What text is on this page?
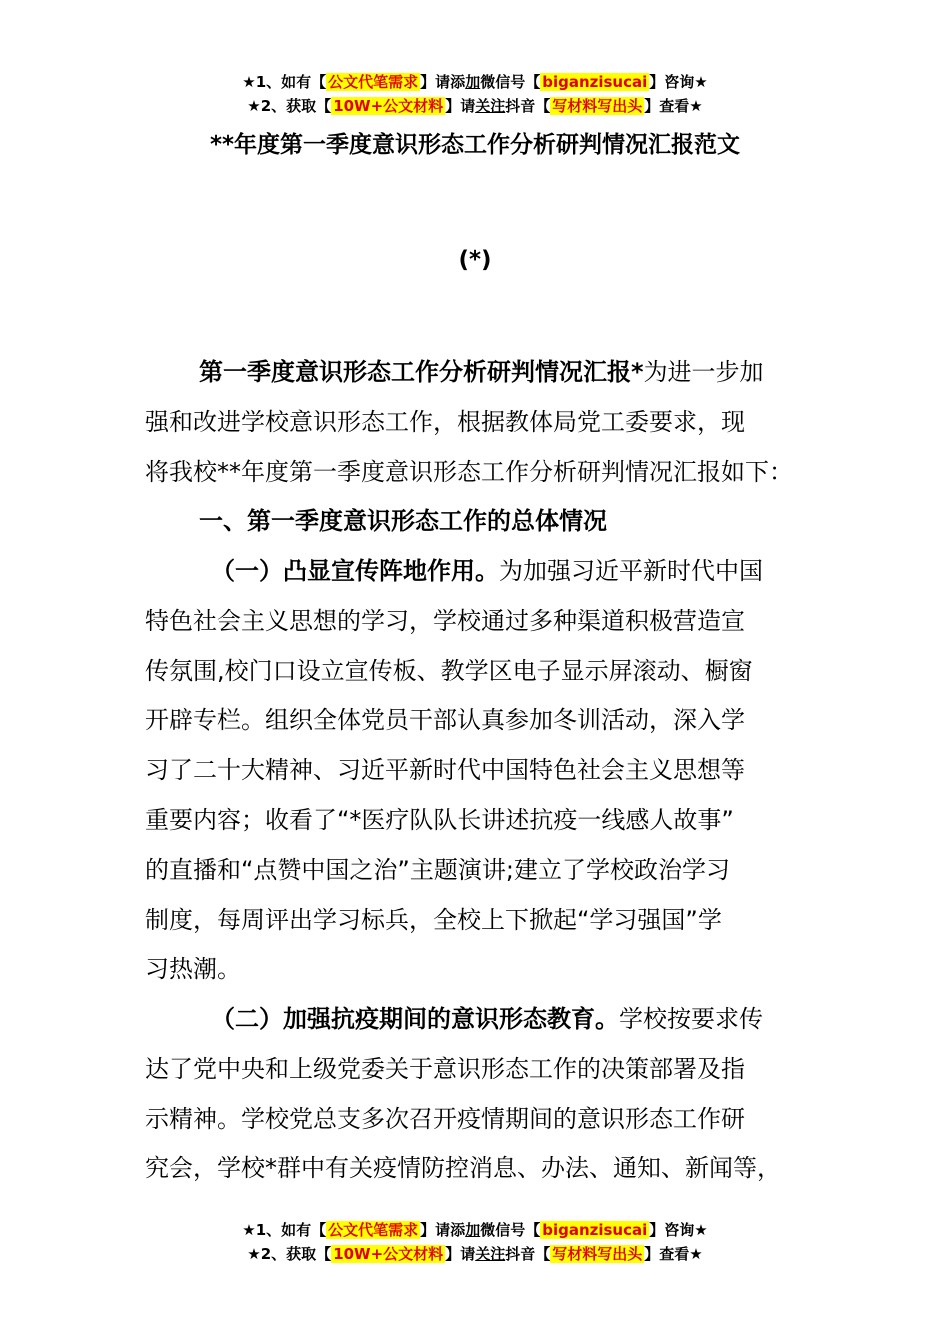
★1、如有【 公文代笔需求 】请添加微信号【 biganzisucai 】咨询★
★2、获取【 10W+公文材料 】请关注抖音【 写材料写出头 】查看★
**年度第一季度意识形态工作分析研判情况汇报范文
(*)
第一季度意识形态工作分析研判情况汇报*为进一步加
强和改进学校意识形态工作，根据教体局党工委要求，现
将我校**年度第一季度意识形态工作分析研判情况汇报如下：
一、第一季度意识形态工作的总体情况
（一）凸显宣传阵地作用。为加强习近平新时代中国
特色社会主义思想的学习，学校通过多种渠道积极营造宣
传氛围,校门口设立宣传板、教学区电子显示屏滚动、橱窗
开辟专栏。组织全体党员干部认真参加冬训活动，深入学
习了二十大精神、习近平新时代中国特色社会主义思想等
重要内容；收看了“*医疗队队长讲述抗疫一线感人故事”
的直播和“点赞中国之治”主题演讲;建立了学校政治学习
制度，每周评出学习标兵，全校上下掀起“学习强国”学
习热潮。
（二）加强抗疫期间的意识形态教育。学校按要求传
达了党中央和上级党委关于意识形态工作的决策部署及指
示精神。学校党总支多次召开疫情期间的意识形态工作研
究会，学校*群中有关疫情防控消息、办法、通知、新闻等，
★1、如有【 公文代笔需求 】请添加微信号【 biganzisucai 】咨询★
★2、获取【 10W+公文材料 】请关注抖音【 写材料写出头 】查看★
